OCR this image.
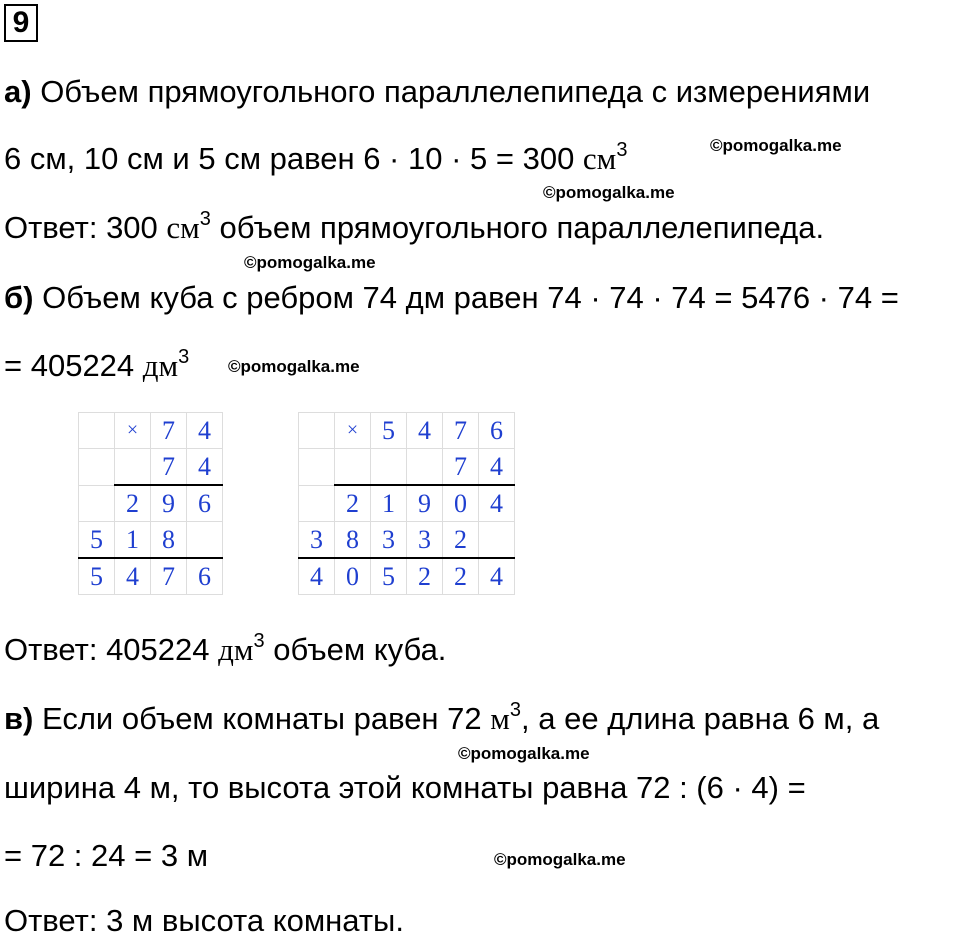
9
а) Объем прямоугольного параллелепипеда с измерениями
6 см, 10 см и 5 см равен 6 · 10 · 5 = 300 $см^3$
Ответ: 300 $см^3$ объем прямоугольного параллелепипеда.
б) Объем куба с ребром 74 дм равен 74 · 74 · 74 = 5476 · 74 =
= 405224 $дм^3$
	×	7	4
		7	4
	2	9	6
5	1	8	
5	4	7	6
	×	5	4	7	6
				7	4
	2	1	9	0	4
3	8	3	3	2	
4	0	5	2	2	4
Ответ: 405224 $дм^3$ объем куба.
в) Если объем комнаты равен 72 $м^3$, а ее длина равна 6 м, а
ширина 4 м, то высота этой комнаты равна 72 : (6 · 4) =
= 72 : 24 = 3 м
Ответ: 3 м высота комнаты.
©pomogalka.me
©pomogalka.me
©pomogalka.me
©pomogalka.me
©pomogalka.me
©pomogalka.me
